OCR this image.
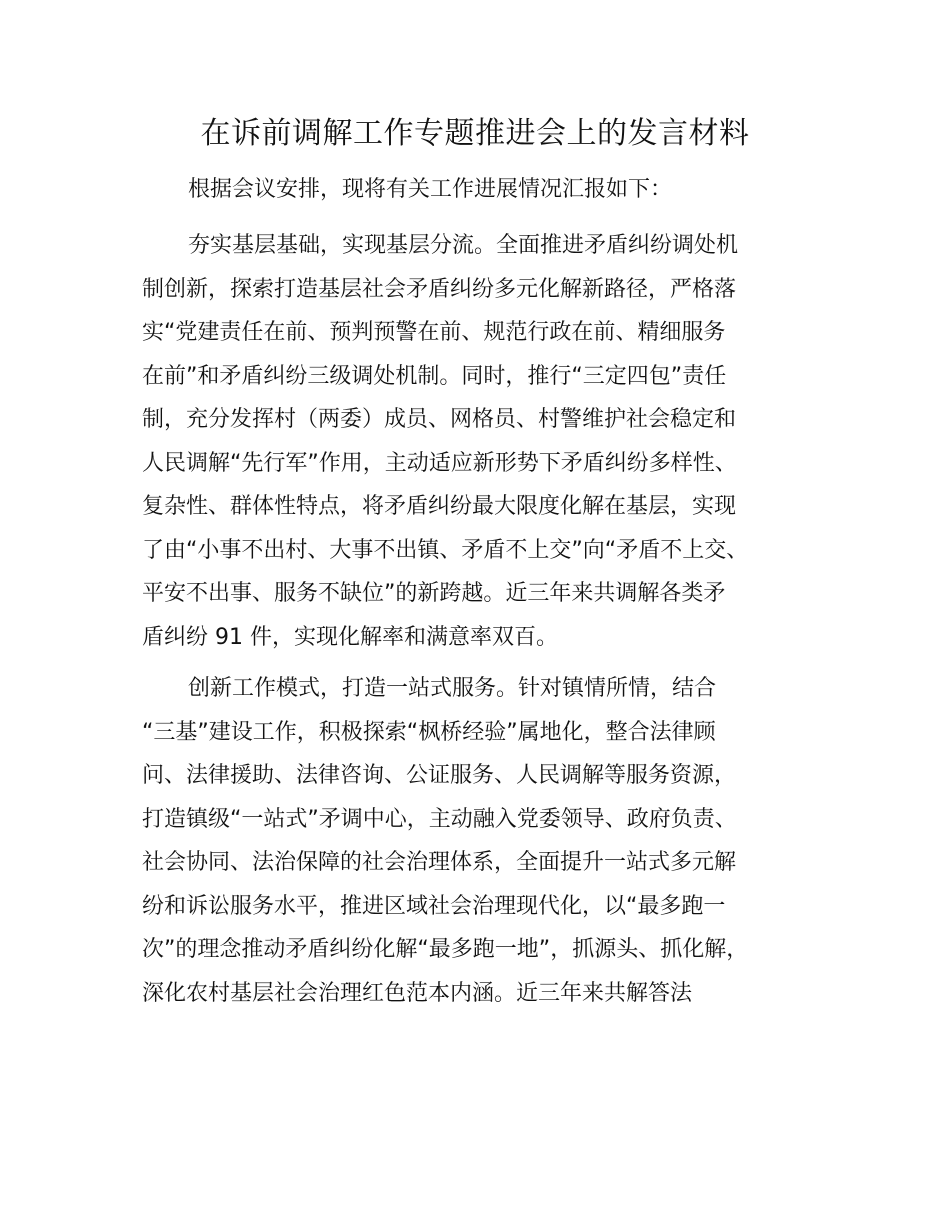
在诉前调解工作专题推进会上的发言材料
根据会议安排，现将有关工作进展情况汇报如下：
夯实基层基础，实现基层分流。全面推进矛盾纠纷调处机
制创新，探索打造基层社会矛盾纠纷多元化解新路径，严格落
实“党建责任在前、预判预警在前、规范行政在前、精细服务
在前”和矛盾纠纷三级调处机制。同时，推行“三定四包”责任
制，充分发挥村（两委）成员、网格员、村警维护社会稳定和
人民调解“先行军”作用，主动适应新形势下矛盾纠纷多样性、
复杂性、群体性特点，将矛盾纠纷最大限度化解在基层，实现
了由“小事不出村、大事不出镇、矛盾不上交”向“矛盾不上交、
平安不出事、服务不缺位”的新跨越。近三年来共调解各类矛
盾纠纷 91 件，实现化解率和满意率双百。
创新工作模式，打造一站式服务。针对镇情所情，结合
“三基”建设工作，积极探索“枫桥经验”属地化，整合法律顾
问、法律援助、法律咨询、公证服务、人民调解等服务资源，
打造镇级“一站式”矛调中心，主动融入党委领导、政府负责、
社会协同、法治保障的社会治理体系，全面提升一站式多元解
纷和诉讼服务水平，推进区域社会治理现代化，以“最多跑一
次”的理念推动矛盾纠纷化解“最多跑一地”，抓源头、抓化解，
深化农村基层社会治理红色范本内涵。近三年来共解答法
